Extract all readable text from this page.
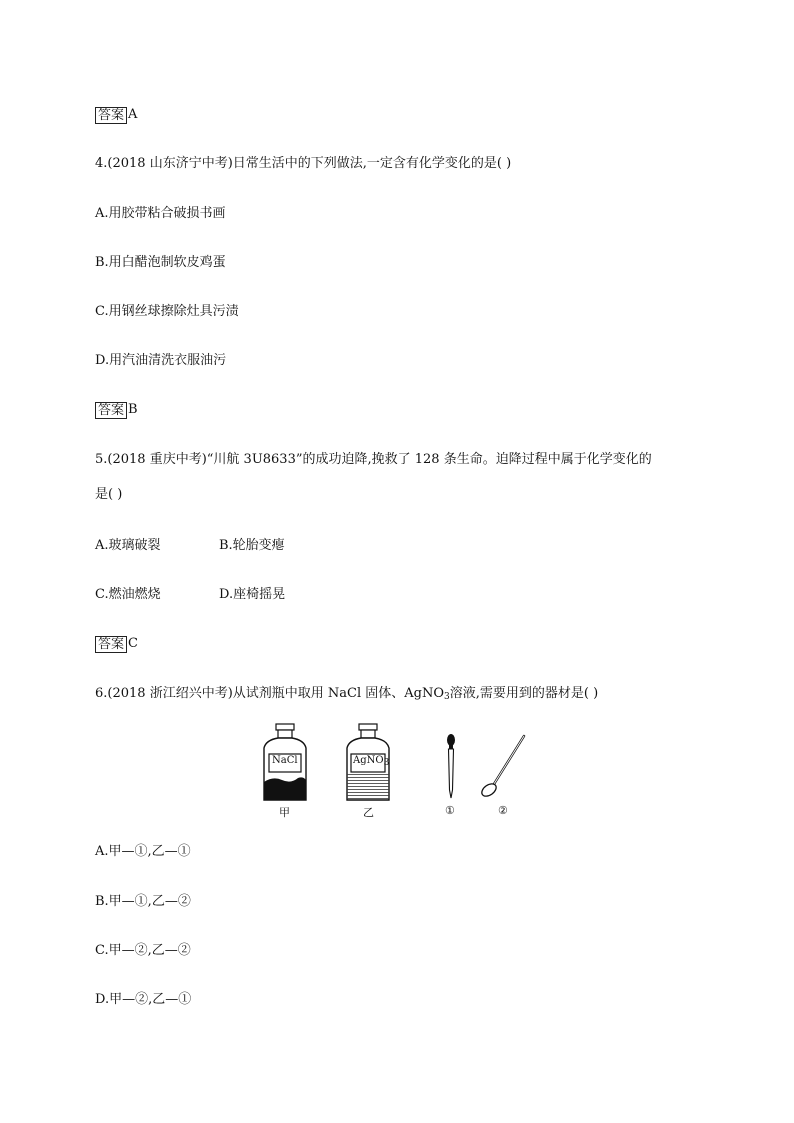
答案 A
4.(2018 山东济宁中考)日常生活中的下列做法,一定含有化学变化的是( )
A.用胶带粘合破损书画
B.用白醋泡制软皮鸡蛋
C.用钢丝球擦除灶具污渍
D.用汽油清洗衣服油污
答案 B
5.(2018 重庆中考)“川航 3U8633”的成功迫降,挽救了 128 条生命。迫降过程中属于化学变化的
是( )
A.玻璃破裂	B.轮胎变瘪
C.燃油燃烧	D.座椅摇晃
答案 C
6.(2018 浙江绍兴中考)从试剂瓶中取用 NaCl 固体、AgNO$_3$溶液,需要用到的器材是( )
NaCl	AgNO$_3$
甲	乙	①	②
A.甲—①,乙—①
B.甲—①,乙—②
C.甲—②,乙—②
D.甲—②,乙—①
